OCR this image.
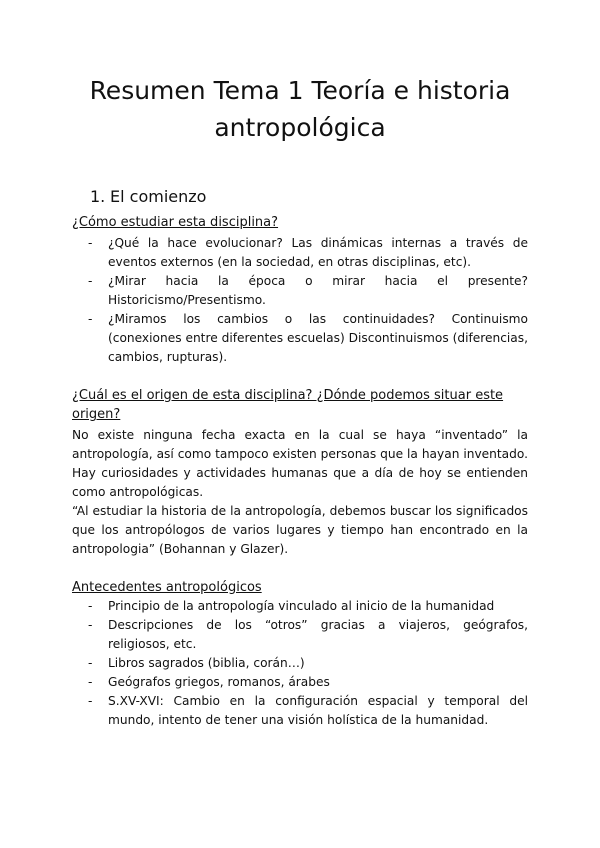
Resumen Tema 1 Teoría e historia antropológica
1. El comienzo

¿Cómo estudiar esta disciplina?

- ¿Qué la hace evolucionar? Las dinámicas internas a través de eventos externos (en la sociedad, en otras disciplinas, etc).
- ¿Mirar hacia la época o mirar hacia el presente? Historicismo/Presentismo.
- ¿Miramos los cambios o las continuidades? Continuismo (conexiones entre diferentes escuelas) Discontinuismos (diferencias, cambios, rupturas).

¿Cuál es el origen de esta disciplina? ¿Dónde podemos situar este origen?

No existe ninguna fecha exacta en la cual se haya “inventado” la antropología, así como tampoco existen personas que la hayan inventado. Hay curiosidades y actividades humanas que a día de hoy se entienden como antropológicas.

“Al estudiar la historia de la antropología, debemos buscar los significados que los antropólogos de varios lugares y tiempo han encontrado en la antropologia” (Bohannan y Glazer).

Antecedentes antropológicos

- Principio de la antropología vinculado al inicio de la humanidad
- Descripciones de los “otros” gracias a viajeros, geógrafos, religiosos, etc.
- Libros sagrados (biblia, corán…)
- Geógrafos griegos, romanos, árabes
- S.XV-XVI: Cambio en la configuración espacial y temporal del mundo, intento de tener una visión holística de la humanidad.
